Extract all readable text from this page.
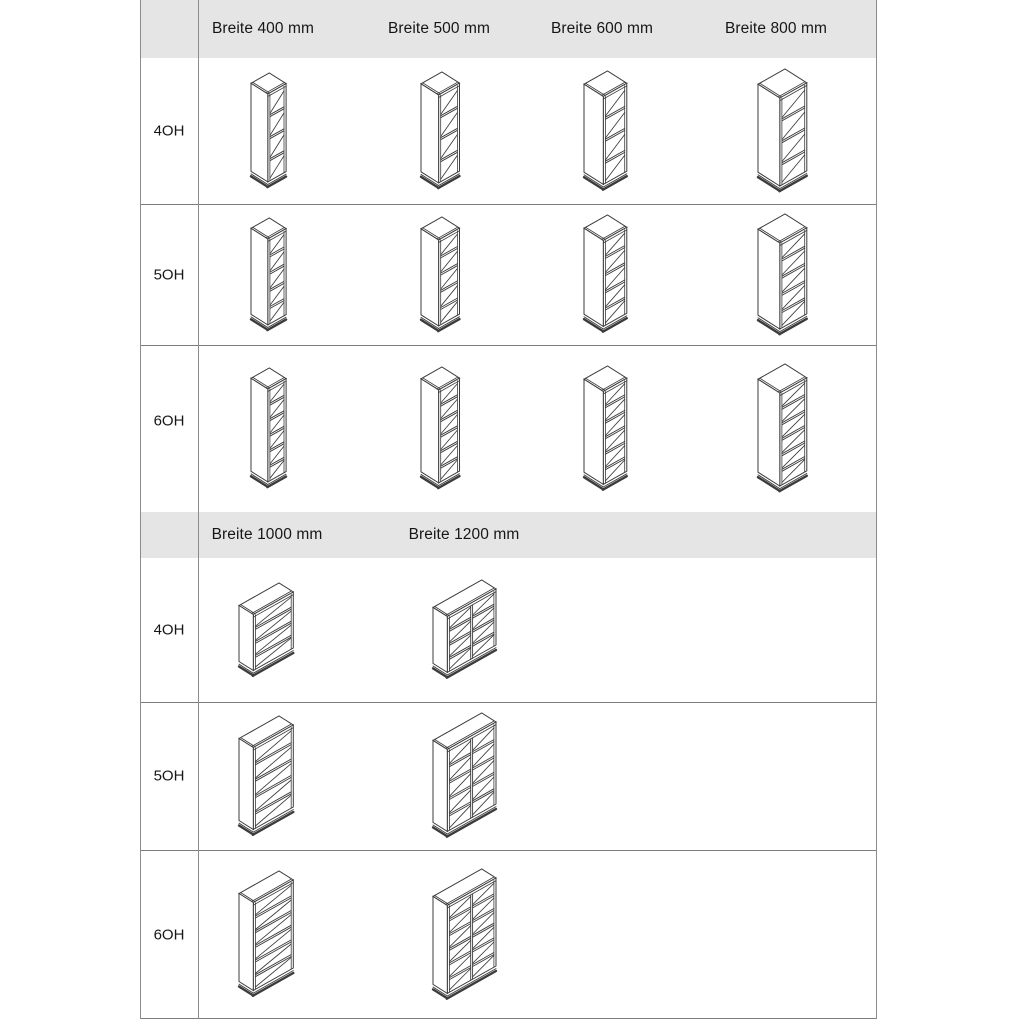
Breite 400 mm	Breite 500 mm	Breite 600 mm	Breite 800 mm
4OH
5OH
6OH
Breite 1000 mm	Breite 1200 mm
4OH
5OH
6OH
